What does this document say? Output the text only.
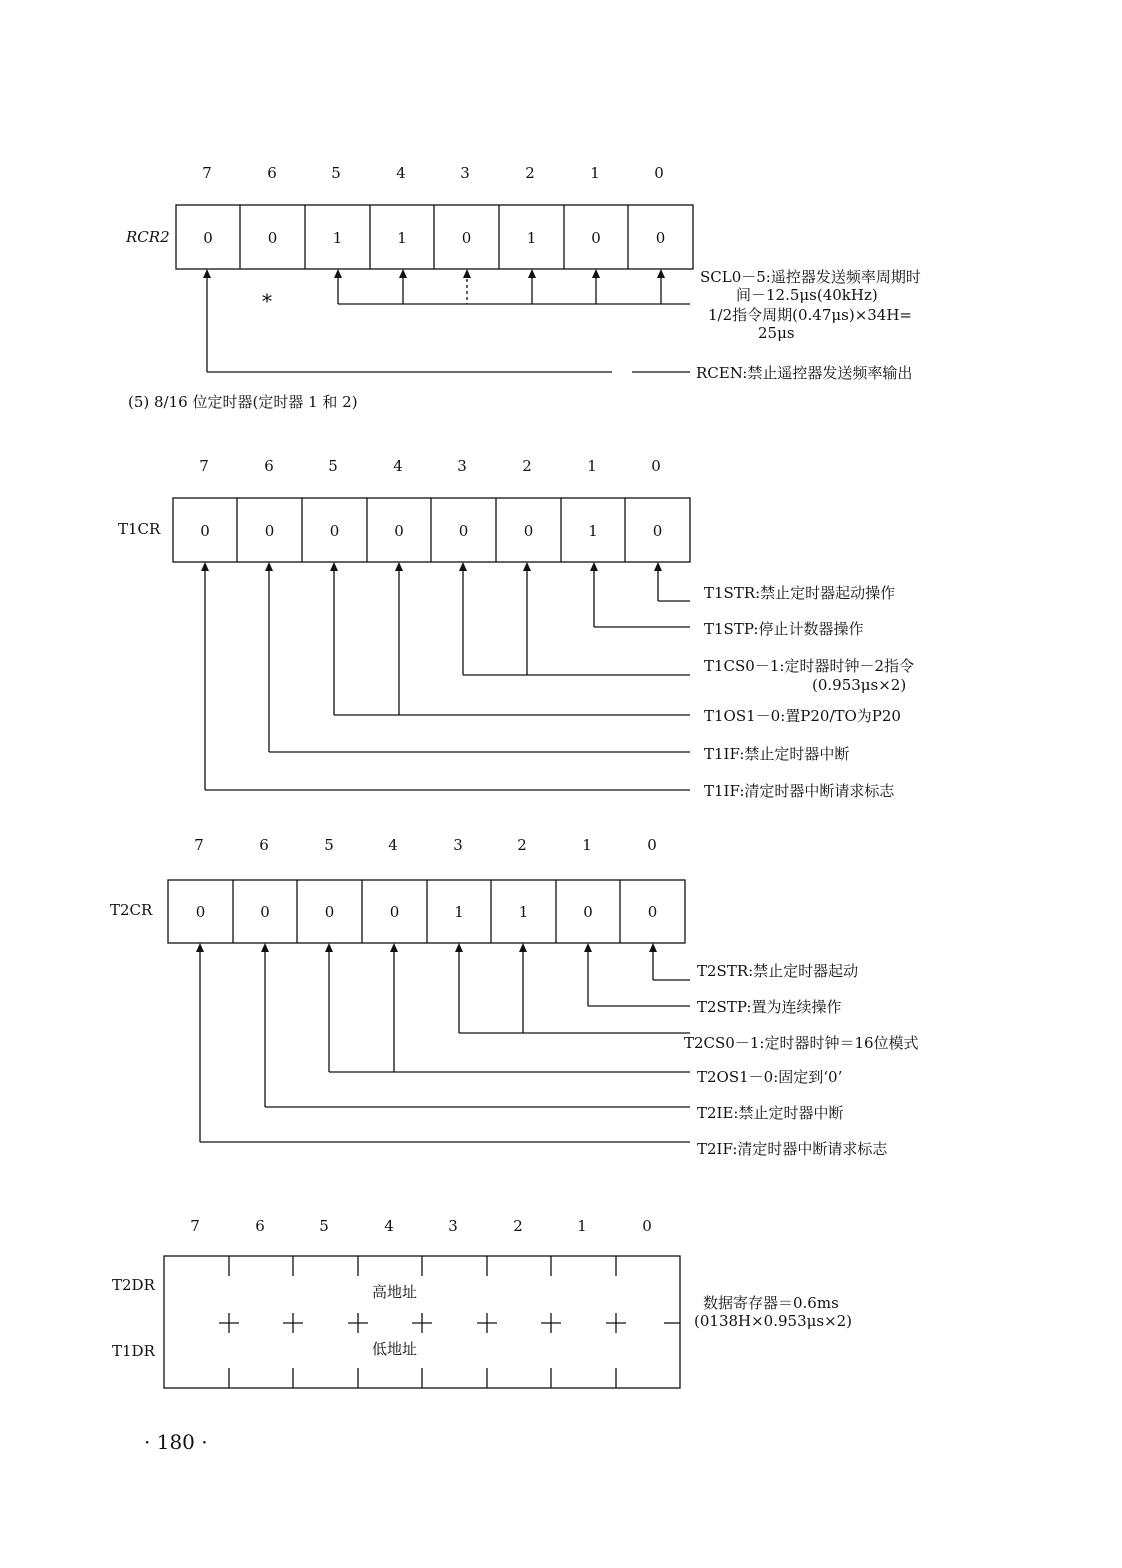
7	6	5	4	3	2	1	0
RCR2	0	0	1	1	0	1	0	0
*
SCL0－5:遥控器发送频率周期时
间－12.5μs(40kHz)
1/2指令周期(0.47μs)×34H=
25μs
RCEN:禁止遥控器发送频率输出
(5) 8/16 位定时器(定时器 1 和 2)
7	6	5	4	3	2	1	0
T1CR	0	0	0	0	0	0	1	0
T1STR:禁止定时器起动操作
T1STP:停止计数器操作
T1CS0－1:定时器时钟－2指令
(0.953μs×2)
T1OS1－0:置P20/TO为P20
T1IF:禁止定时器中断
T1IF:清定时器中断请求标志
7	6	5	4	3	2	1	0
T2CR	0	0	0	0	1	1	0	0
T2STR:禁止定时器起动
T2STP:置为连续操作
T2CS0－1:定时器时钟＝16位模式
T2OS1－0:固定到‘0’
T2IE:禁止定时器中断
T2IF:清定时器中断请求标志
7	6	5	4	3	2	1	0
T2DR
T1DR
高地址
低地址
数据寄存器＝0.6ms
(0138H×0.953μs×2)
· 180 ·
